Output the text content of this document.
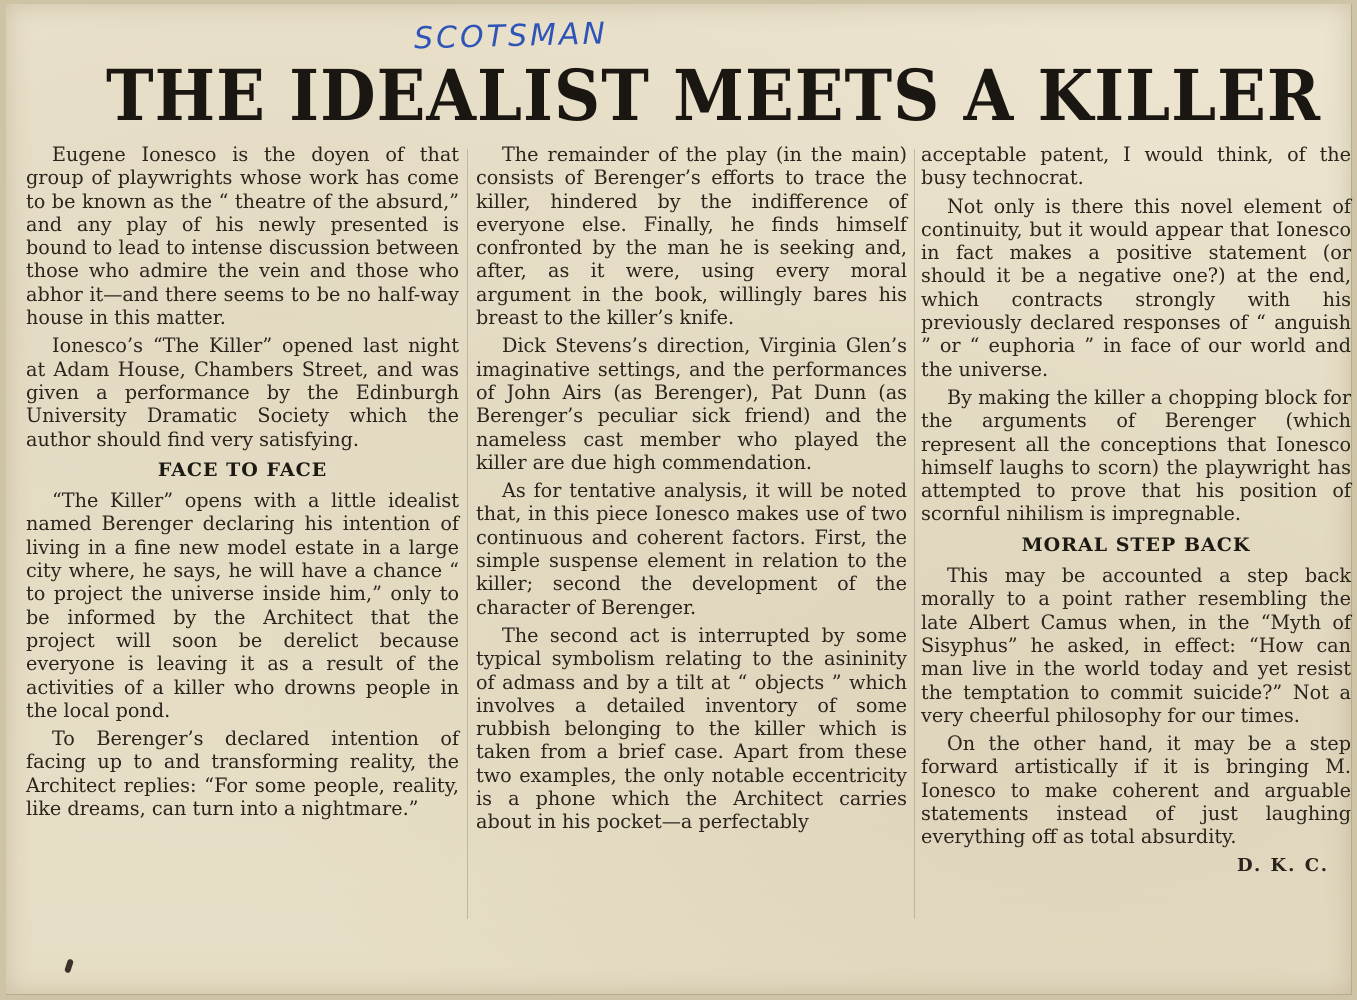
SCOTSMAN
THE IDEALIST MEETS A KILLER

Eugene Ionesco is the doyen of that group of playwrights whose work has come to be known as the “ theatre of the absurd,” and any play of his newly presented is bound to lead to intense discussion between those who admire the vein and those who abhor it—and there seems to be no half-way house in this matter.

Ionesco’s “The Killer” opened last night at Adam House, Chambers Street, and was given a performance by the Edinburgh University Dramatic Society which the author should find very satisfying.

FACE TO FACE

“The Killer” opens with a little idealist named Berenger declaring his intention of living in a fine new model estate in a large city where, he says, he will have a chance “ to project the universe inside him,” only to be informed by the Architect that the project will soon be derelict because everyone is leaving it as a result of the activities of a killer who drowns people in the local pond.

To Berenger’s declared intention of facing up to and transforming reality, the Architect replies: “For some people, reality, like dreams, can turn into a nightmare.”

The remainder of the play (in the main) consists of Berenger’s efforts to trace the killer, hindered by the indifference of everyone else. Finally, he finds himself confronted by the man he is seeking and, after, as it were, using every moral argument in the book, willingly bares his breast to the killer’s knife.

Dick Stevens’s direction, Virginia Glen’s imaginative settings, and the performances of John Airs (as Berenger), Pat Dunn (as Berenger’s peculiar sick friend) and the nameless cast member who played the killer are due high commendation.

As for tentative analysis, it will be noted that, in this piece Ionesco makes use of two continuous and coherent factors. First, the simple suspense element in relation to the killer; second the development of the character of Berenger.

The second act is interrupted by some typical symbolism relating to the asininity of admass and by a tilt at “ objects ” which involves a detailed inventory of some rubbish belonging to the killer which is taken from a brief case. Apart from these two examples, the only notable eccentricity is a phone which the Architect carries about in his pocket—a perfectably

acceptable patent, I would think, of the busy technocrat.

Not only is there this novel element of continuity, but it would appear that Ionesco in fact makes a positive statement (or should it be a negative one?) at the end, which contracts strongly with his previously declared responses of “ anguish ” or “ euphoria ” in face of our world and the universe.

By making the killer a chopping block for the arguments of Berenger (which represent all the conceptions that Ionesco himself laughs to scorn) the playwright has attempted to prove that his position of scornful nihilism is impregnable.

MORAL STEP BACK

This may be accounted a step back morally to a point rather resembling the late Albert Camus when, in the “Myth of Sisyphus” he asked, in effect: “How can man live in the world today and yet resist the temptation to commit suicide?” Not a very cheerful philosophy for our times.

On the other hand, it may be a step forward artistically if it is bringing M. Ionesco to make coherent and arguable statements instead of just laughing everything off as total absurdity.

D. K. C.
